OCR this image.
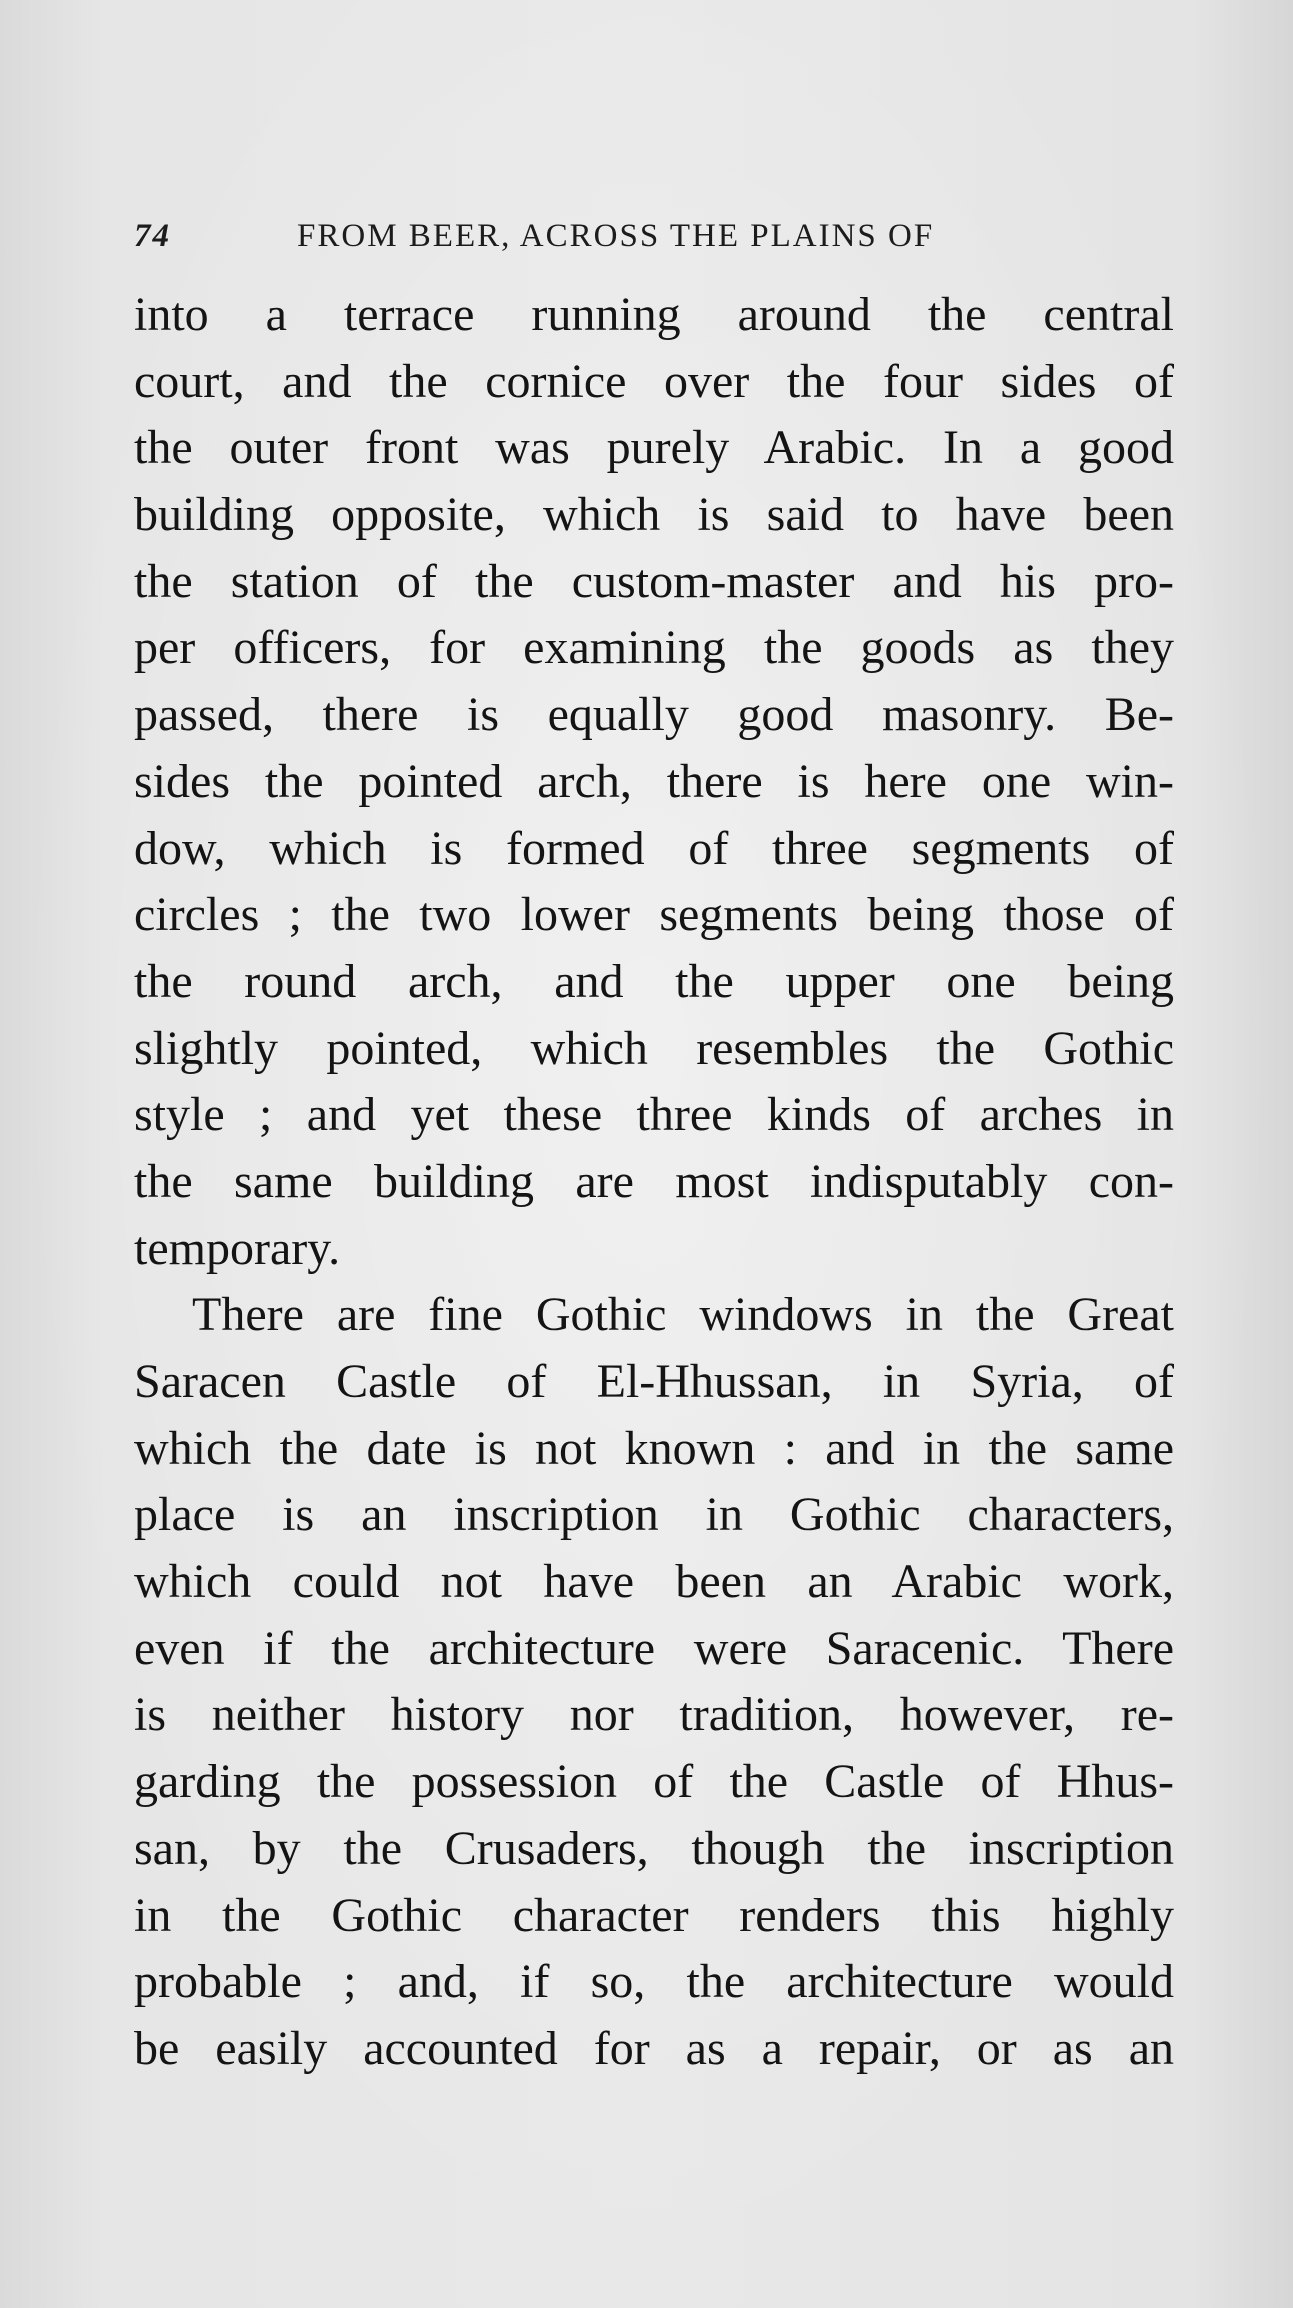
74	FROM BEER, ACROSS THE PLAINS OF
into a terrace running around the central
court, and the cornice over the four sides of
the outer front was purely Arabic. In a good
building opposite, which is said to have been
the station of the custom-master and his pro-
per officers, for examining the goods as they
passed, there is equally good masonry. Be-
sides the pointed arch, there is here one win-
dow, which is formed of three segments of
circles ; the two lower segments being those of
the round arch, and the upper one being
slightly pointed, which resembles the Gothic
style ; and yet these three kinds of arches in
the same building are most indisputably con-
temporary.
There are fine Gothic windows in the Great
Saracen Castle of El-Hhussan, in Syria, of
which the date is not known : and in the same
place is an inscription in Gothic characters,
which could not have been an Arabic work,
even if the architecture were Saracenic. There
is neither history nor tradition, however, re-
garding the possession of the Castle of Hhus-
san, by the Crusaders, though the inscription
in the Gothic character renders this highly
probable ; and, if so, the architecture would
be easily accounted for as a repair, or as an
